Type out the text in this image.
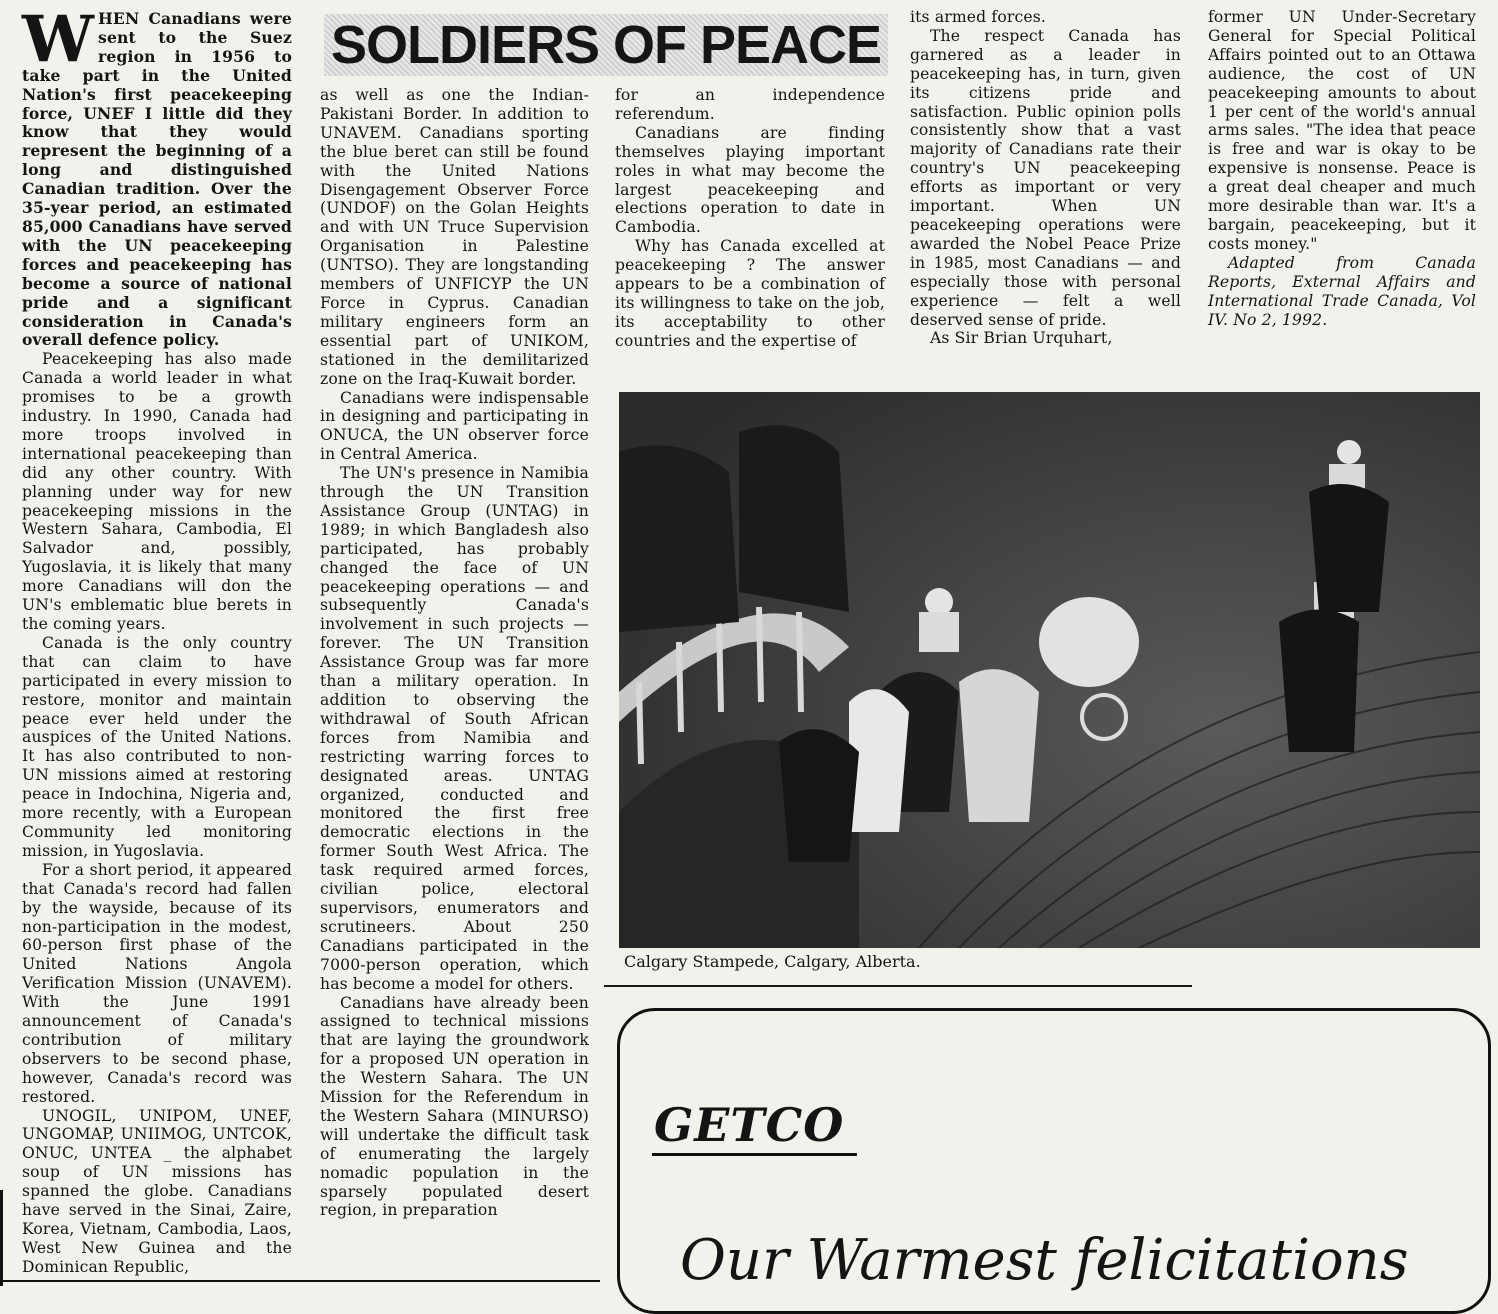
W HEN Canadians were sent to the Suez region in 1956 to take part in the United Nation's first peacekeeping force, UNEF I little did they know that they would represent the beginning of a long and distinguished Canadian tradition. Over the 35-year period, an estimated 85,000 Canadians have served with the UN peacekeeping forces and peacekeeping has become a source of national pride and a significant consideration in Canada's overall defence policy.

Peacekeeping has also made Canada a world leader in what promises to be a growth industry. In 1990, Canada had more troops involved in international peacekeeping than did any other country. With planning under way for new peacekeeping missions in the Western Sahara, Cambodia, El Salvador and, possibly, Yugoslavia, it is likely that many more Canadians will don the UN's emblematic blue berets in the coming years.

Canada is the only country that can claim to have participated in every mission to restore, monitor and maintain peace ever held under the auspices of the United Nations. It has also contributed to non-UN missions aimed at restoring peace in Indochina, Nigeria and, more recently, with a European Community led monitoring mission, in Yugoslavia.

For a short period, it appeared that Canada's record had fallen by the wayside, because of its non-participation in the modest, 60-person first phase of the United Nations Angola Verification Mission (UNAVEM). With the June 1991 announcement of Canada's contribution of military observers to be second phase, however, Canada's record was restored.

UNOGIL, UNIPOM, UNEF, UNGOMAP, UNIIMOG, UNTCOK, ONUC, UNTEA _ the alphabet soup of UN missions has spanned the globe. Canadians have served in the Sinai, Zaire, Korea, Vietnam, Cambodia, Laos, West New Guinea and the Dominican Republic,

SOLDIERS OF PEACE

as well as one the Indian-Pakistani Border. In addition to UNAVEM. Canadians sporting the blue beret can still be found with the United Nations Disengagement Observer Force (UNDOF) on the Golan Heights and with UN Truce Supervision Organisation in Palestine (UNTSO). They are longstanding members of UNFICYP the UN Force in Cyprus. Canadian military engineers form an essential part of UNIKOM, stationed in the demilitarized zone on the Iraq-Kuwait border.

Canadians were indispensable in designing and participating in ONUCA, the UN observer force in Central America.

The UN's presence in Namibia through the UN Transition Assistance Group (UNTAG) in 1989; in which Bangladesh also participated, has probably changed the face of UN peacekeeping operations — and subsequently Canada's involvement in such projects — forever. The UN Transition Assistance Group was far more than a military operation. In addition to observing the withdrawal of South African forces from Namibia and restricting warring forces to designated areas. UNTAG organized, conducted and monitored the first free democratic elections in the former South West Africa. The task required armed forces, civilian police, electoral supervisors, enumerators and scrutineers. About 250 Canadians participated in the 7000-person operation, which has become a model for others.

Canadians have already been assigned to technical missions that are laying the groundwork for a proposed UN operation in the Western Sahara. The UN Mission for the Referendum in the Western Sahara (MINURSO) will undertake the difficult task of enumerating the largely nomadic population in the sparsely populated desert region, in preparation

for an independence referendum.

Canadians are finding themselves playing important roles in what may become the largest peacekeeping and elections operation to date in Cambodia.

Why has Canada excelled at peacekeeping ? The answer appears to be a combination of its willingness to take on the job, its acceptability to other countries and the expertise of

its armed forces.

The respect Canada has garnered as a leader in peacekeeping has, in turn, given its citizens pride and satisfaction. Public opinion polls consistently show that a vast majority of Canadians rate their country's UN peacekeeping efforts as important or very important. When UN peacekeeping operations were awarded the Nobel Peace Prize in 1985, most Canadians — and especially those with personal experience — felt a well deserved sense of pride.

As Sir Brian Urquhart,

former UN Under-Secretary General for Special Political Affairs pointed out to an Ottawa audience, the cost of UN peacekeeping amounts to about 1 per cent of the world's annual arms sales. "The idea that peace is free and war is okay to be expensive is nonsense. Peace is a great deal cheaper and much more desirable than war. It's a bargain, peacekeeping, but it costs money."

Adapted from Canada Reports, External Affairs and International Trade Canada, Vol IV. No 2, 1992.

Calgary Stampede, Calgary, Alberta.
GETCO
Our Warmest felicitations
